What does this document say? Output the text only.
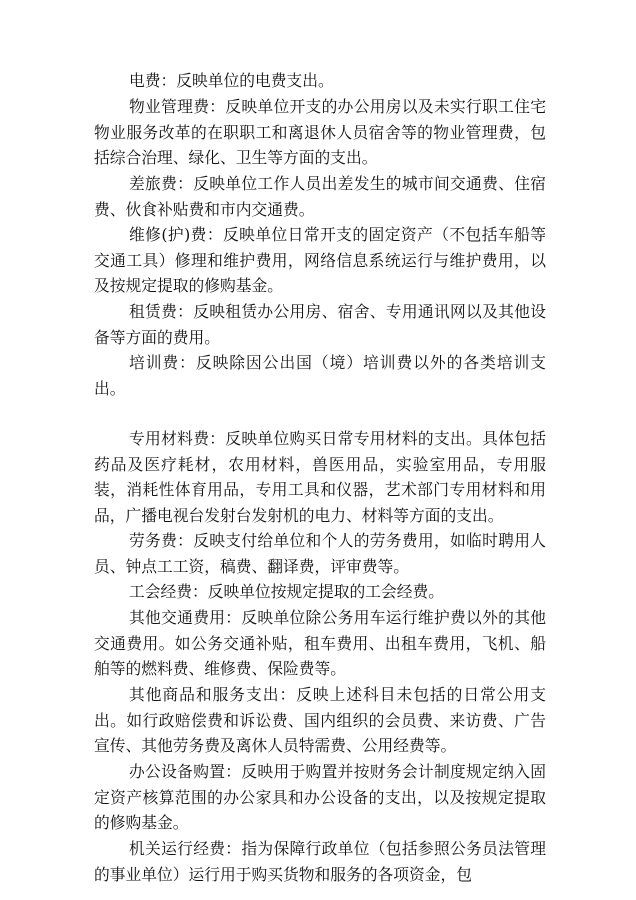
电费：反映单位的电费支出。

物业管理费：反映单位开支的办公用房以及未实行职工住宅物业服务改革的在职职工和离退休人员宿舍等的物业管理费，包括综合治理、绿化、卫生等方面的支出。

差旅费：反映单位工作人员出差发生的城市间交通费、住宿费、伙食补贴费和市内交通费。

维修(护)费：反映单位日常开支的固定资产（不包括车船等交通工具）修理和维护费用，网络信息系统运行与维护费用，以及按规定提取的修购基金。

租赁费：反映租赁办公用房、宿舍、专用通讯网以及其他设备等方面的费用。

培训费：反映除因公出国（境）培训费以外的各类培训支出。

专用材料费：反映单位购买日常专用材料的支出。具体包括药品及医疗耗材，农用材料，兽医用品，实验室用品，专用服装，消耗性体育用品，专用工具和仪器，艺术部门专用材料和用品，广播电视台发射台发射机的电力、材料等方面的支出。

劳务费：反映支付给单位和个人的劳务费用，如临时聘用人员、钟点工工资，稿费、翻译费，评审费等。

工会经费：反映单位按规定提取的工会经费。

其他交通费用：反映单位除公务用车运行维护费以外的其他交通费用。如公务交通补贴，租车费用、出租车费用，飞机、船舶等的燃料费、维修费、保险费等。

其他商品和服务支出：反映上述科目未包括的日常公用支出。如行政赔偿费和诉讼费、国内组织的会员费、来访费、广告宣传、其他劳务费及离休人员特需费、公用经费等。

办公设备购置：反映用于购置并按财务会计制度规定纳入固定资产核算范围的办公家具和办公设备的支出，以及按规定提取的修购基金。

机关运行经费：指为保障行政单位（包括参照公务员法管理的事业单位）运行用于购买货物和服务的各项资金，包
